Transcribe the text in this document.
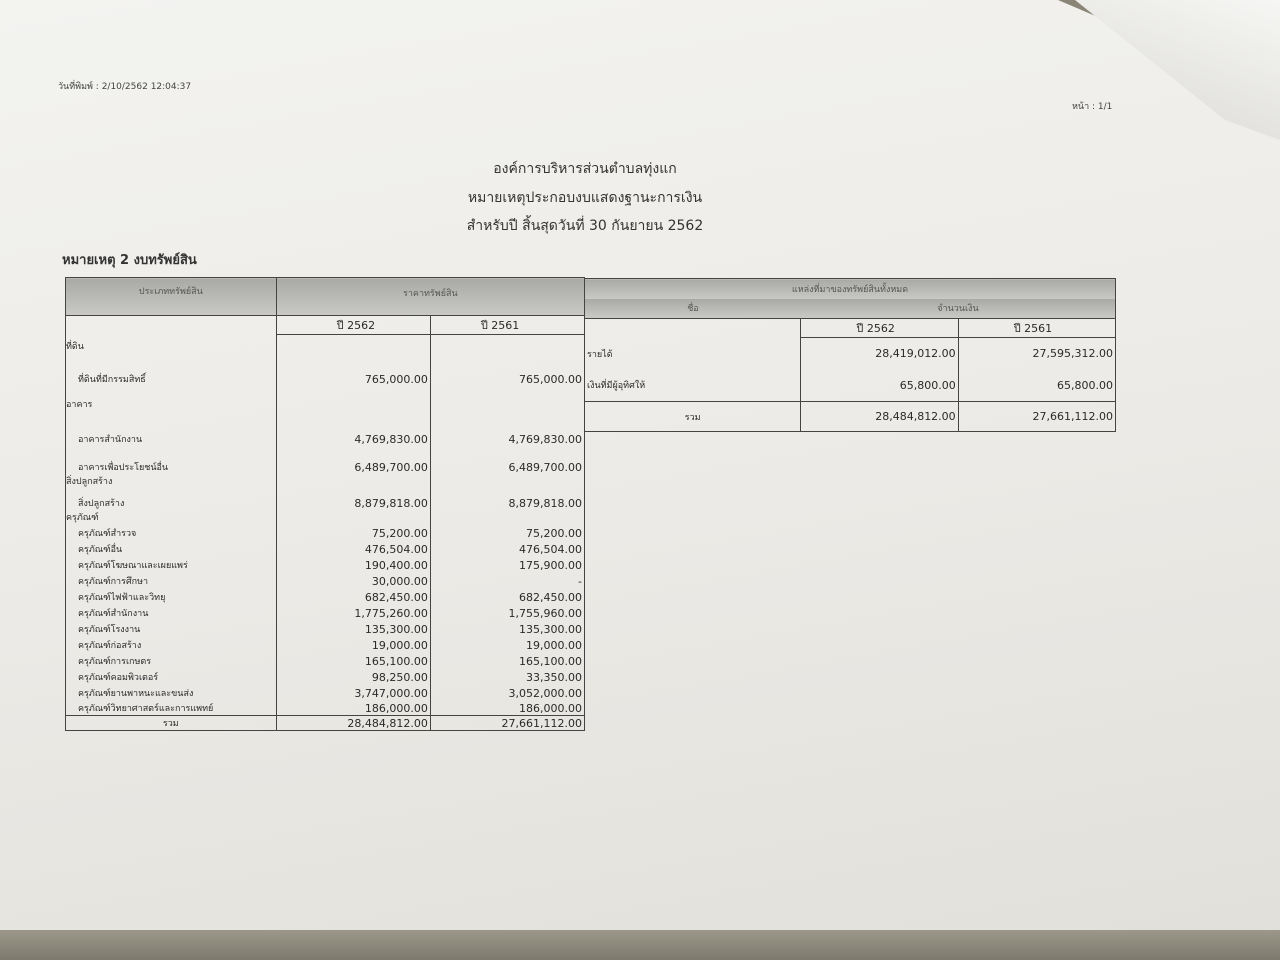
วันที่พิมพ์ : 2/10/2562 12:04:37
หน้า : 1/1
องค์การบริหารส่วนตำบลทุ่งแก
หมายเหตุประกอบงบแสดงฐานะการเงิน
สำหรับปี สิ้นสุดวันที่ 30 กันยายน 2562
หมายเหตุ 2 งบทรัพย์สิน
ประเภททรัพย์สิน	ราคาทรัพย์สิน	
	ปี 2562	ปี 2561
ที่ดิน		
ที่ดินที่มีกรรมสิทธิ์	765,000.00	765,000.00
อาคาร		
อาคารสำนักงาน	4,769,830.00	4,769,830.00
อาคารเพื่อประโยชน์อื่น	6,489,700.00	6,489,700.00
สิ่งปลูกสร้าง		
สิ่งปลูกสร้าง	8,879,818.00	8,879,818.00
ครุภัณฑ์		
ครุภัณฑ์สำรวจ	75,200.00	75,200.00
ครุภัณฑ์อื่น	476,504.00	476,504.00
ครุภัณฑ์โฆษณาและเผยแพร่	190,400.00	175,900.00
ครุภัณฑ์การศึกษา	30,000.00	-
ครุภัณฑ์ไฟฟ้าและวิทยุ	682,450.00	682,450.00
ครุภัณฑ์สำนักงาน	1,775,260.00	1,755,960.00
ครุภัณฑ์โรงงาน	135,300.00	135,300.00
ครุภัณฑ์ก่อสร้าง	19,000.00	19,000.00
ครุภัณฑ์การเกษตร	165,100.00	165,100.00
ครุภัณฑ์คอมพิวเตอร์	98,250.00	33,350.00
ครุภัณฑ์ยานพาหนะและขนส่ง	3,747,000.00	3,052,000.00
ครุภัณฑ์วิทยาศาสตร์และการแพทย์	186,000.00	186,000.00
รวม	28,484,812.00	27,661,112.00
แหล่งที่มาของทรัพย์สินทั้งหมด		
ชื่อ	จำนวนเงิน	
	ปี 2562	ปี 2561
รายได้	28,419,012.00	27,595,312.00
เงินที่มีผู้อุทิศให้	65,800.00	65,800.00
รวม	28,484,812.00	27,661,112.00
